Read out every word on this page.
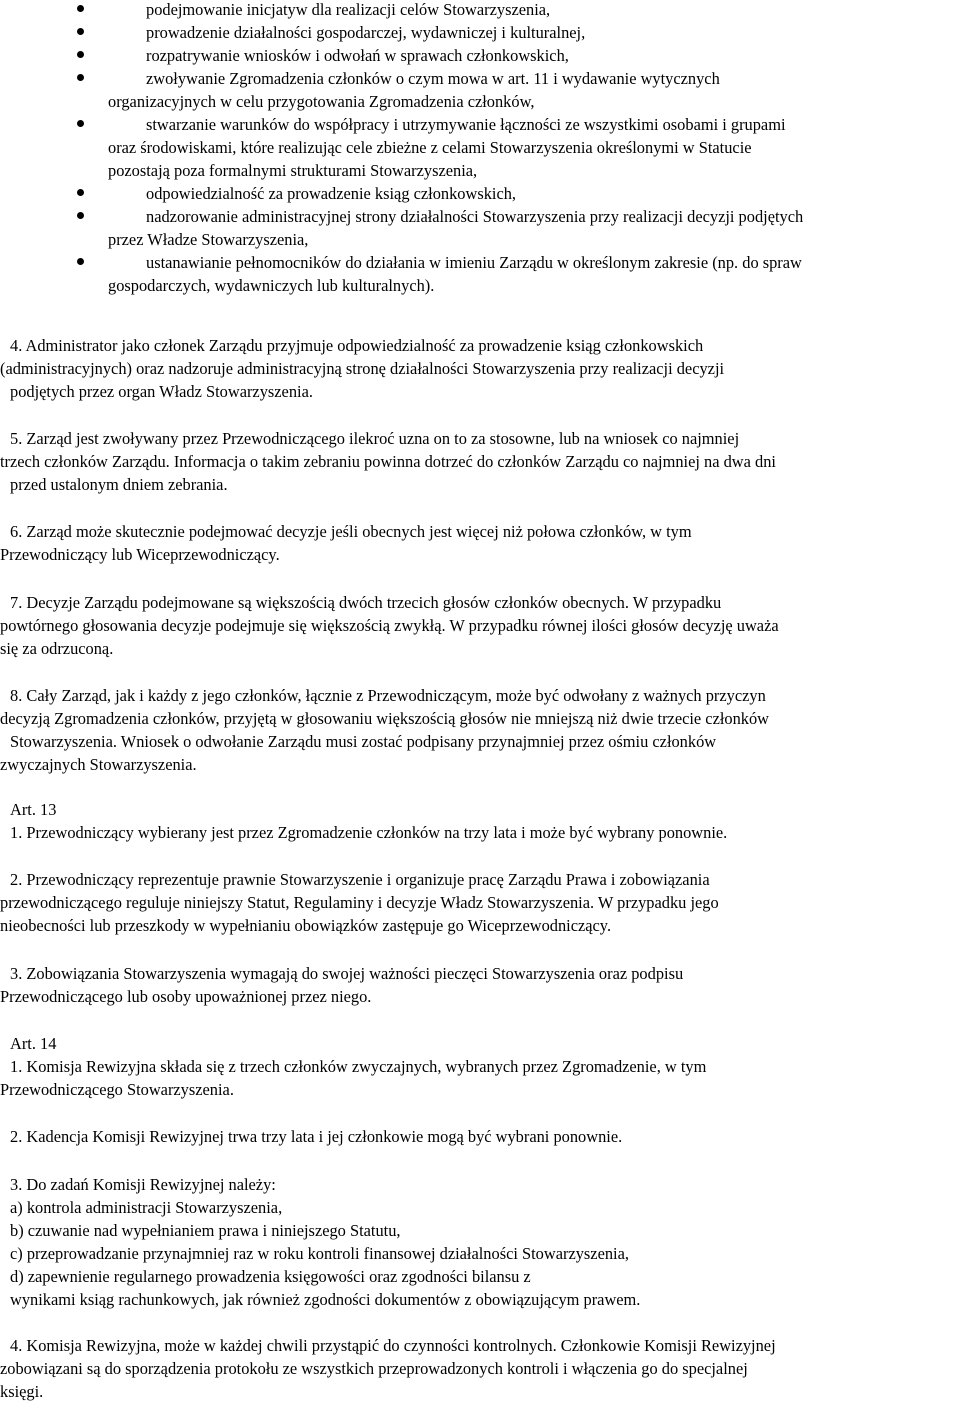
podejmowanie inicjatyw dla realizacji celów Stowarzyszenia,
prowadzenie działalności gospodarczej, wydawniczej i kulturalnej,
rozpatrywanie wniosków i odwołań w sprawach członkowskich,
zwoływanie Zgromadzenia członków o czym mowa w art. 11 i wydawanie wytycznych
organizacyjnych w celu przygotowania Zgromadzenia członków,
stwarzanie warunków do współpracy i utrzymywanie łączności ze wszystkimi osobami i grupami
oraz środowiskami, które realizując cele zbieżne z celami Stowarzyszenia określonymi w Statucie
pozostają poza formalnymi strukturami Stowarzyszenia,
odpowiedzialność za prowadzenie ksiąg członkowskich,
nadzorowanie administracyjnej strony działalności Stowarzyszenia przy realizacji decyzji podjętych
przez Władze Stowarzyszenia,
ustanawianie pełnomocników do działania w imieniu Zarządu w określonym zakresie (np. do spraw
gospodarczych, wydawniczych lub kulturalnych).
4. Administrator jako członek Zarządu przyjmuje odpowiedzialność za prowadzenie ksiąg członkowskich
(administracyjnych) oraz nadzoruje administracyjną stronę działalności Stowarzyszenia przy realizacji decyzji
podjętych przez organ Władz Stowarzyszenia.
5. Zarząd jest zwoływany przez Przewodniczącego ilekroć uzna on to za stosowne, lub na wniosek co najmniej
trzech członków Zarządu. Informacja o takim zebraniu powinna dotrzeć do członków Zarządu co najmniej na dwa dni
przed ustalonym dniem zebrania.
6. Zarząd może skutecznie podejmować decyzje jeśli obecnych jest więcej niż połowa członków, w tym
Przewodniczący lub Wiceprzewodniczący.
7. Decyzje Zarządu podejmowane są większością dwóch trzecich głosów członków obecnych. W przypadku
powtórnego głosowania decyzje podejmuje się większością zwykłą. W przypadku równej ilości głosów decyzję uważa
się za odrzuconą.
8. Cały Zarząd, jak i każdy z jego członków, łącznie z Przewodniczącym, może być odwołany z ważnych przyczyn
decyzją Zgromadzenia członków, przyjętą w głosowaniu większością głosów nie mniejszą niż dwie trzecie członków
Stowarzyszenia. Wniosek o odwołanie Zarządu musi zostać podpisany przynajmniej przez ośmiu członków
zwyczajnych Stowarzyszenia.
Art. 13
1. Przewodniczący wybierany jest przez Zgromadzenie członków na trzy lata i może być wybrany ponownie.
2. Przewodniczący reprezentuje prawnie Stowarzyszenie i organizuje pracę Zarządu Prawa i zobowiązania
przewodniczącego reguluje niniejszy Statut, Regulaminy i decyzje Władz Stowarzyszenia. W przypadku jego
nieobecności lub przeszkody w wypełnianiu obowiązków zastępuje go Wiceprzewodniczący.
3. Zobowiązania Stowarzyszenia wymagają do swojej ważności pieczęci Stowarzyszenia oraz podpisu
Przewodniczącego lub osoby upoważnionej przez niego.
Art. 14
1. Komisja Rewizyjna składa się z trzech członków zwyczajnych, wybranych przez Zgromadzenie, w tym
Przewodniczącego Stowarzyszenia.
2. Kadencja Komisji Rewizyjnej trwa trzy lata i jej członkowie mogą być wybrani ponownie.
3. Do zadań Komisji Rewizyjnej należy:
a) kontrola administracji Stowarzyszenia,
b) czuwanie nad wypełnianiem prawa i niniejszego Statutu,
c) przeprowadzanie przynajmniej raz w roku kontroli finansowej działalności Stowarzyszenia,
d) zapewnienie regularnego prowadzenia księgowości oraz zgodności bilansu z
wynikami ksiąg rachunkowych, jak również zgodności dokumentów z obowiązującym prawem.
4. Komisja Rewizyjna, może w każdej chwili przystąpić do czynności kontrolnych. Członkowie Komisji Rewizyjnej
zobowiązani są do sporządzenia protokołu ze wszystkich przeprowadzonych kontroli i włączenia go do specjalnej
księgi.
